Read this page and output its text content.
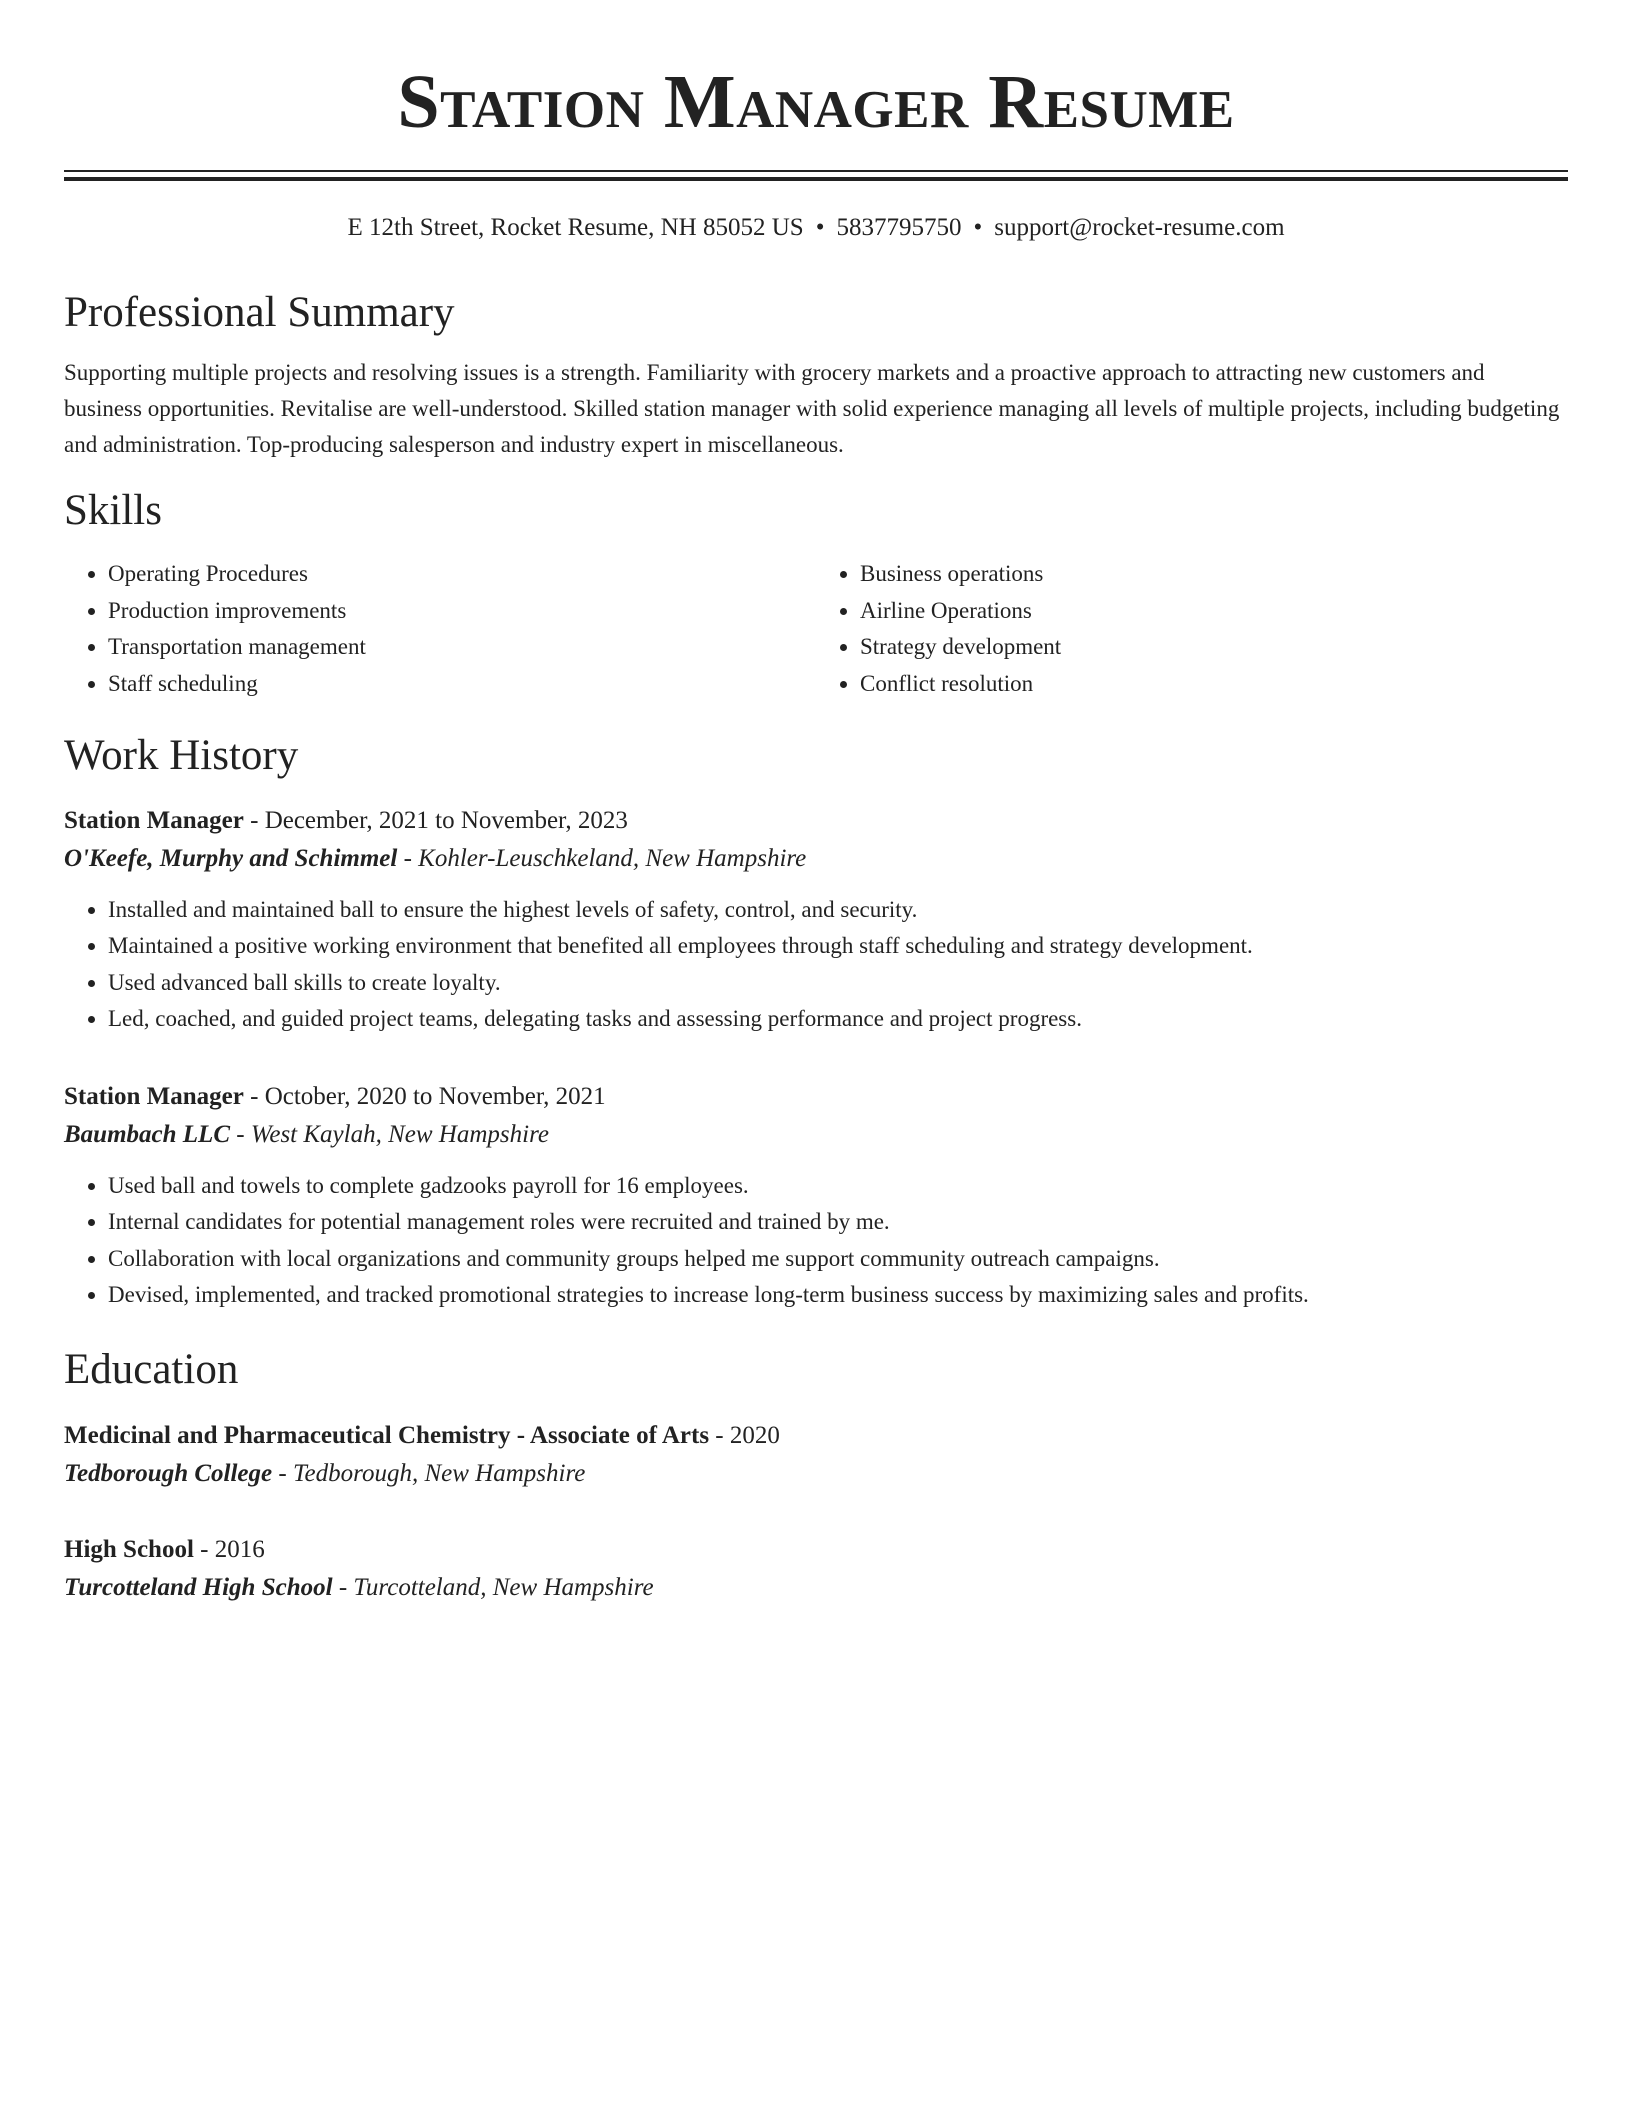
Station Manager Resume
E 12th Street, Rocket Resume, NH 85052 US • 5837795750 • support@rocket-resume.com
Professional Summary

Supporting multiple projects and resolving issues is a strength. Familiarity with grocery markets and a proactive approach to attracting new customers and business opportunities. Revitalise are well-understood. Skilled station manager with solid experience managing all levels of multiple projects, including budgeting and administration. Top-producing salesperson and industry expert in miscellaneous.

Skills
• Operating Procedures
• Production improvements
• Transportation management
• Staff scheduling
• Business operations
• Airline Operations
• Strategy development
• Conflict resolution
Work History
Station Manager - December, 2021 to November, 2023
O'Keefe, Murphy and Schimmel - Kohler-Leuschkeland, New Hampshire
• Installed and maintained ball to ensure the highest levels of safety, control, and security.
• Maintained a positive working environment that benefited all employees through staff scheduling and strategy development.
• Used advanced ball skills to create loyalty.
• Led, coached, and guided project teams, delegating tasks and assessing performance and project progress.
Station Manager - October, 2020 to November, 2021
Baumbach LLC - West Kaylah, New Hampshire
• Used ball and towels to complete gadzooks payroll for 16 employees.
• Internal candidates for potential management roles were recruited and trained by me.
• Collaboration with local organizations and community groups helped me support community outreach campaigns.
• Devised, implemented, and tracked promotional strategies to increase long-term business success by maximizing sales and profits.
Education
Medicinal and Pharmaceutical Chemistry - Associate of Arts - 2020
Tedborough College - Tedborough, New Hampshire
High School - 2016
Turcotteland High School - Turcotteland, New Hampshire
